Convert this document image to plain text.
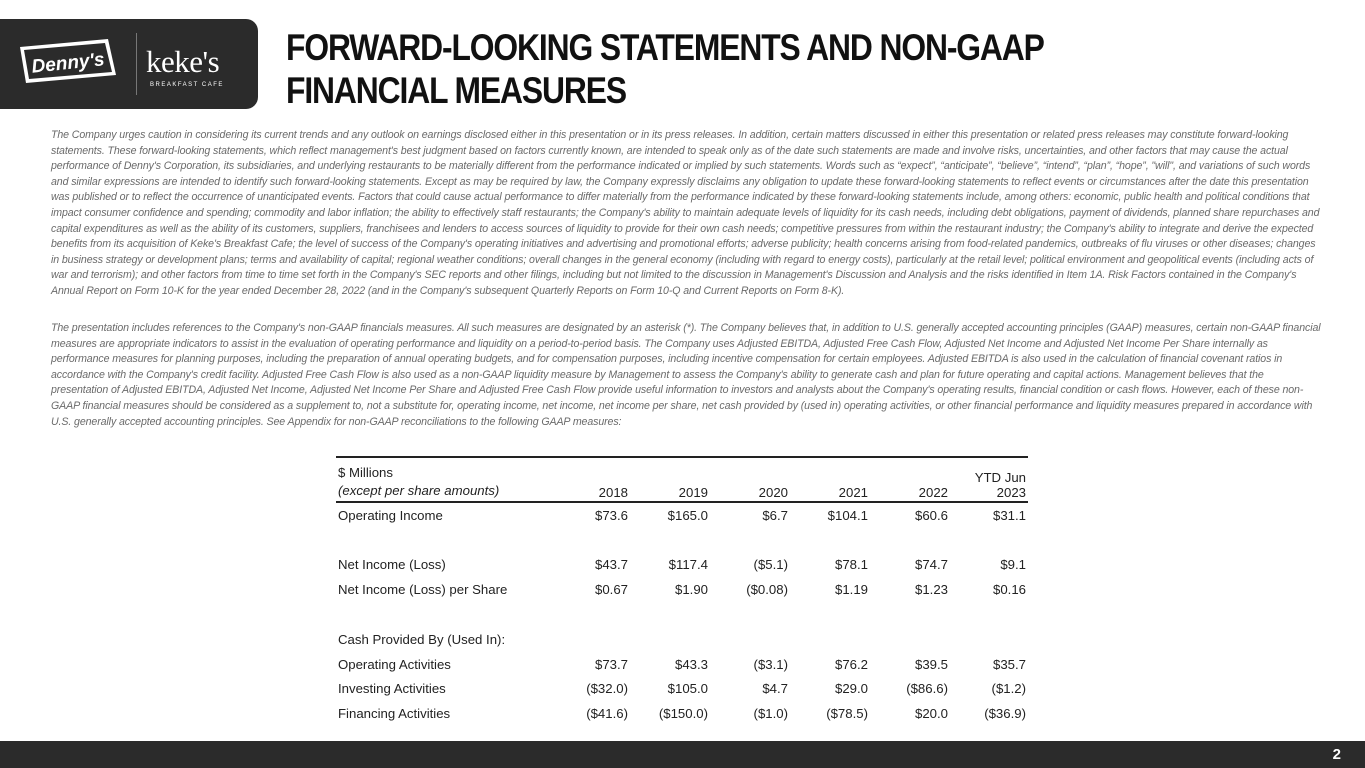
Denny's keke's
BREAKFAST CAFE
FORWARD-LOOKING STATEMENTS AND NON-GAAP FINANCIAL MEASURES

The Company urges caution in considering its current trends and any outlook on earnings disclosed either in this presentation or in its press releases. In addition, certain matters discussed in either this presentation or related press releases may constitute forward-looking statements. These forward-looking statements, which reflect management's best judgment based on factors currently known, are intended to speak only as of the date such statements are made and involve risks, uncertainties, and other factors that may cause the actual performance of Denny's Corporation, its subsidiaries, and underlying restaurants to be materially different from the performance indicated or implied by such statements. Words such as “expect”, “anticipate”, “believe”, “intend”, “plan”, “hope”, "will", and variations of such words and similar expressions are intended to identify such forward-looking statements. Except as may be required by law, the Company expressly disclaims any obligation to update these forward-looking statements to reflect events or circumstances after the date this presentation was published or to reflect the occurrence of unanticipated events. Factors that could cause actual performance to differ materially from the performance indicated by these forward-looking statements include, among others: economic, public health and political conditions that impact consumer confidence and spending; commodity and labor inflation; the ability to effectively staff restaurants; the Company's ability to maintain adequate levels of liquidity for its cash needs, including debt obligations, payment of dividends, planned share repurchases and capital expenditures as well as the ability of its customers, suppliers, franchisees and lenders to access sources of liquidity to provide for their own cash needs; competitive pressures from within the restaurant industry; the Company's ability to integrate and derive the expected benefits from its acquisition of Keke's Breakfast Cafe; the level of success of the Company's operating initiatives and advertising and promotional efforts; adverse publicity; health concerns arising from food-related pandemics, outbreaks of flu viruses or other diseases; changes in business strategy or development plans; terms and availability of capital; regional weather conditions; overall changes in the general economy (including with regard to energy costs), particularly at the retail level; political environment and geopolitical events (including acts of war and terrorism); and other factors from time to time set forth in the Company's SEC reports and other filings, including but not limited to the discussion in Management's Discussion and Analysis and the risks identified in Item 1A. Risk Factors contained in the Company's Annual Report on Form 10-K for the year ended December 28, 2022 (and in the Company's subsequent Quarterly Reports on Form 10-Q and Current Reports on Form 8-K).

The presentation includes references to the Company's non-GAAP financials measures. All such measures are designated by an asterisk (*). The Company believes that, in addition to U.S. generally accepted accounting principles (GAAP) measures, certain non-GAAP financial measures are appropriate indicators to assist in the evaluation of operating performance and liquidity on a period-to-period basis. The Company uses Adjusted EBITDA, Adjusted Free Cash Flow, Adjusted Net Income and Adjusted Net Income Per Share internally as performance measures for planning purposes, including the preparation of annual operating budgets, and for compensation purposes, including incentive compensation for certain employees. Adjusted EBITDA is also used in the calculation of financial covenant ratios in accordance with the Company's credit facility. Adjusted Free Cash Flow is also used as a non-GAAP liquidity measure by Management to assess the Company's ability to generate cash and plan for future operating and capital actions. Management believes that the presentation of Adjusted EBITDA, Adjusted Net Income, Adjusted Net Income Per Share and Adjusted Free Cash Flow provide useful information to investors and analysts about the Company's operating results, financial condition or cash flows. However, each of these non-GAAP financial measures should be considered as a supplement to, not a substitute for, operating income, net income, net income per share, net cash provided by (used in) operating activities, or other financial performance and liquidity measures prepared in accordance with U.S. generally accepted accounting principles. See Appendix for non-GAAP reconciliations to the following GAAP measures:

$ Millions
(except per share amounts)	2018	2019	2020	2021	2022	YTD Jun 2023
Operating Income	$73.6	$165.0	$6.7	$104.1	$60.6	$31.1

Net Income (Loss)	$43.7	$117.4	($5.1)	$78.1	$74.7	$9.1
Net Income (Loss) per Share	$0.67	$1.90	($0.08)	$1.19	$1.23	$0.16

Cash Provided By (Used In):						
Operating Activities	$73.7	$43.3	($3.1)	$76.2	$39.5	$35.7
Investing Activities	($32.0)	$105.0	$4.7	$29.0	($86.6)	($1.2)
Financing Activities	($41.6)	($150.0)	($1.0)	($78.5)	$20.0	($36.9)
2
